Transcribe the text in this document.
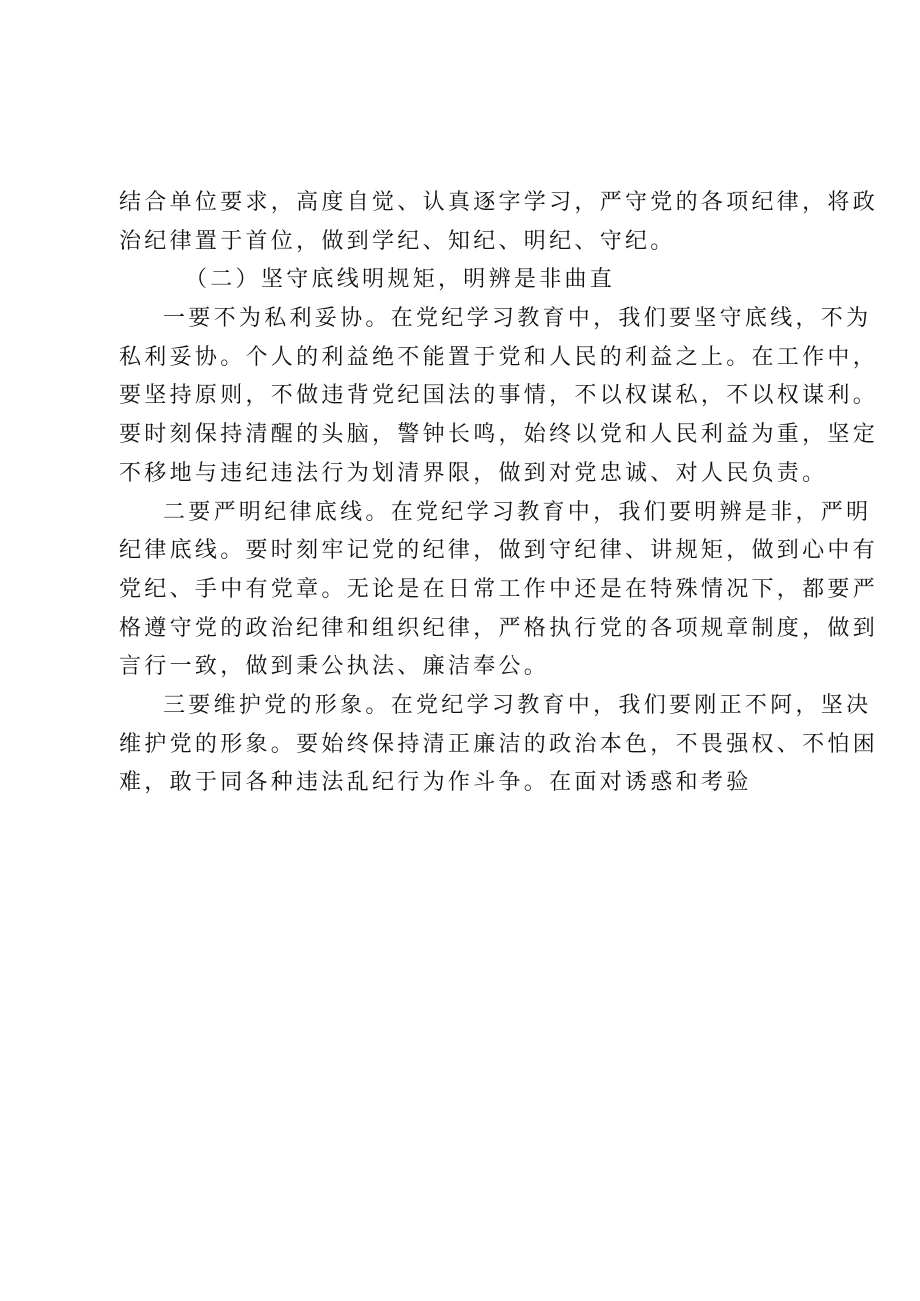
结合单位要求，高度自觉、认真逐字学习，严守党的各项纪律，将政
治纪律置于首位，做到学纪、知纪、明纪、守纪。
（二）坚守底线明规矩，明辨是非曲直
一要不为私利妥协。在党纪学习教育中，我们要坚守底线，不为
私利妥协。个人的利益绝不能置于党和人民的利益之上。在工作中，
要坚持原则，不做违背党纪国法的事情，不以权谋私，不以权谋利。
要时刻保持清醒的头脑，警钟长鸣，始终以党和人民利益为重，坚定
不移地与违纪违法行为划清界限，做到对党忠诚、对人民负责。
二要严明纪律底线。在党纪学习教育中，我们要明辨是非，严明
纪律底线。要时刻牢记党的纪律，做到守纪律、讲规矩，做到心中有
党纪、手中有党章。无论是在日常工作中还是在特殊情况下，都要严
格遵守党的政治纪律和组织纪律，严格执行党的各项规章制度，做到
言行一致，做到秉公执法、廉洁奉公。
三要维护党的形象。在党纪学习教育中，我们要刚正不阿，坚决
维护党的形象。要始终保持清正廉洁的政治本色，不畏强权、不怕困
难，敢于同各种违法乱纪行为作斗争。在面对诱惑和考验
